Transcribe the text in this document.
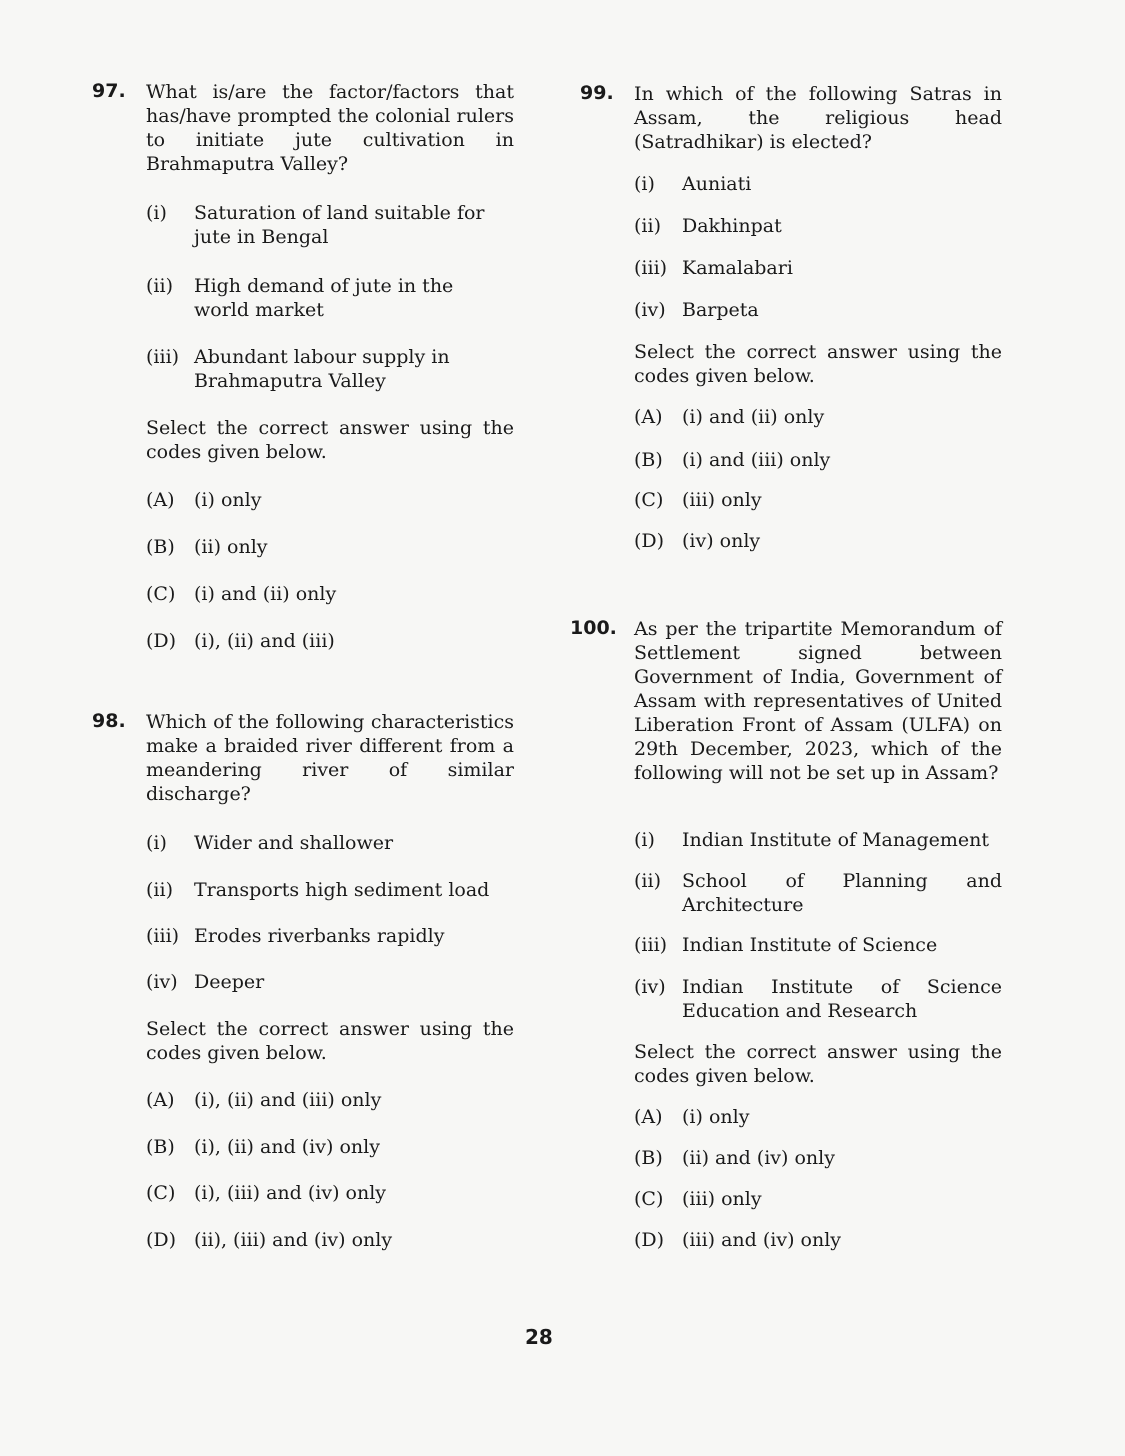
97. What is/are the factor/factors that has/have prompted the colonial rulers to initiate jute cultivation in Brahmaputra Valley?
(i) Saturation of land suitable for jute in Bengal
(ii) High demand of jute in the world market
(iii) Abundant labour supply in Brahmaputra Valley
Select the correct answer using the codes given below.
(A) (i) only
(B) (ii) only
(C) (i) and (ii) only
(D) (i), (ii) and (iii)
98. Which of the following characteristics make a braided river different from a meandering river of similar discharge?
(i) Wider and shallower
(ii) Transports high sediment load
(iii) Erodes riverbanks rapidly
(iv) Deeper
Select the correct answer using the codes given below.
(A) (i), (ii) and (iii) only
(B) (i), (ii) and (iv) only
(C) (i), (iii) and (iv) only
(D) (ii), (iii) and (iv) only
99. In which of the following Satras in Assam, the religious head (Satradhikar) is elected?
(i) Auniati
(ii) Dakhinpat
(iii) Kamalabari
(iv) Barpeta
Select the correct answer using the codes given below.
(A) (i) and (ii) only
(B) (i) and (iii) only
(C) (iii) only
(D) (iv) only
100. As per the tripartite Memorandum of Settlement signed between Government of India, Government of Assam with representatives of United Liberation Front of Assam (ULFA) on 29th December, 2023, which of the following will not be set up in Assam?
(i) Indian Institute of Management
(ii) School of Planning and Architecture
(iii) Indian Institute of Science
(iv) Indian Institute of Science Education and Research
Select the correct answer using the codes given below.
(A) (i) only
(B) (ii) and (iv) only
(C) (iii) only
(D) (iii) and (iv) only
28
